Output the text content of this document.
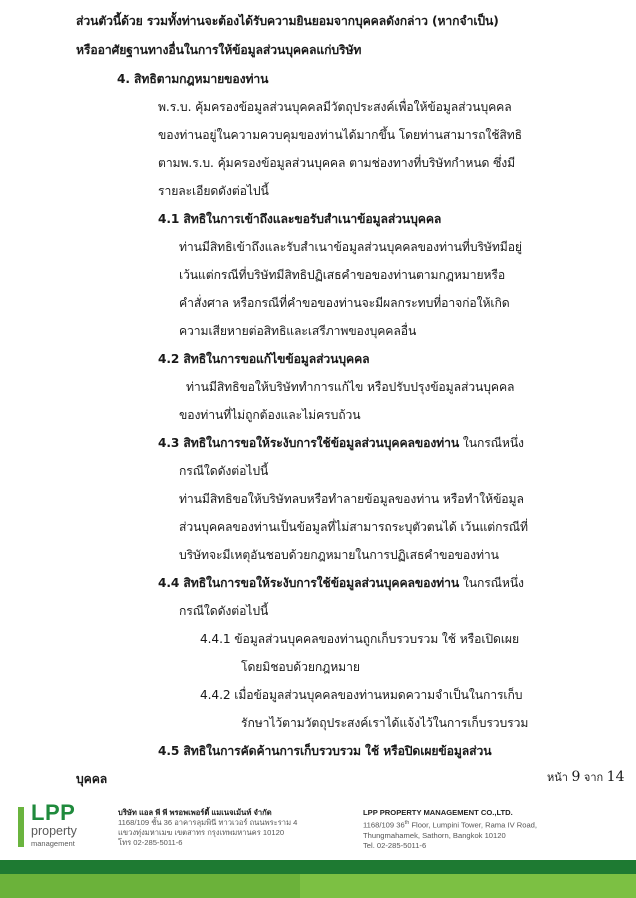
ส่วนตัวนี้ด้วย รวมทั้งท่านจะต้องได้รับความยินยอมจากบุคคลดังกล่าว (หากจำเป็น)
หรืออาศัยฐานทางอื่นในการให้ข้อมูลส่วนบุคคลแก่บริษัท
4. สิทธิตามกฎหมายของท่าน
พ.ร.บ. คุ้มครองข้อมูลส่วนบุคคลมีวัตถุประสงค์เพื่อให้ข้อมูลส่วนบุคคล
ของท่านอยู่ในความควบคุมของท่านได้มากขึ้น โดยท่านสามารถใช้สิทธิ
ตามพ.ร.บ. คุ้มครองข้อมูลส่วนบุคคล ตามช่องทางที่บริษัทกำหนด ซึ่งมี
รายละเอียดดังต่อไปนี้
4.1 สิทธิในการเข้าถึงและขอรับสำเนาข้อมูลส่วนบุคคล
ท่านมีสิทธิเข้าถึงและรับสำเนาข้อมูลส่วนบุคคลของท่านที่บริษัทมีอยู่
เว้นแต่กรณีที่บริษัทมีสิทธิปฏิเสธคำขอของท่านตามกฎหมายหรือ
คำสั่งศาล หรือกรณีที่คำขอของท่านจะมีผลกระทบที่อาจก่อให้เกิด
ความเสียหายต่อสิทธิและเสรีภาพของบุคคลอื่น
4.2 สิทธิในการขอแก้ไขข้อมูลส่วนบุคคล
ท่านมีสิทธิขอให้บริษัททำการแก้ไข หรือปรับปรุงข้อมูลส่วนบุคคล
ของท่านที่ไม่ถูกต้องและไม่ครบถ้วน
4.3 สิทธิในการขอให้ระงับการใช้ข้อมูลส่วนบุคคลของท่าน ในกรณีหนึ่ง
กรณีใดดังต่อไปนี้
ท่านมีสิทธิขอให้บริษัทลบหรือทำลายข้อมูลของท่าน หรือทำให้ข้อมูล
ส่วนบุคคลของท่านเป็นข้อมูลที่ไม่สามารถระบุตัวตนได้ เว้นแต่กรณีที่
บริษัทจะมีเหตุอันชอบด้วยกฎหมายในการปฏิเสธคำขอของท่าน
4.4 สิทธิในการขอให้ระงับการใช้ข้อมูลส่วนบุคคลของท่าน ในกรณีหนึ่ง
กรณีใดดังต่อไปนี้
4.4.1 ข้อมูลส่วนบุคคลของท่านถูกเก็บรวบรวม ใช้ หรือเปิดเผย
โดยมิชอบด้วยกฎหมาย
4.4.2 เมื่อข้อมูลส่วนบุคคลของท่านหมดความจำเป็นในการเก็บ
รักษาไว้ตามวัตถุประสงค์เราได้แจ้งไว้ในการเก็บรวบรวม
4.5 สิทธิในการคัดค้านการเก็บรวบรวม ใช้ หรือปิดเผยข้อมูลส่วน
บุคคล	หน้า 9 จาก 14
LPP
property
management
บริษัท แอล พี พี พรอพเพอร์ตี้ แมเนจเม้นท์ จำกัด
1168/109 ชั้น 36 อาคารลุมพินี ทาวเวอร์ ถนนพระราม 4
แขวงทุ่งมหาเมฆ เขตสาทร กรุงเทพมหานคร 10120
โทร 02-285-5011-6
LPP PROPERTY MANAGEMENT CO.,LTD.
1168/109 36th Floor, Lumpini Tower, Rama IV Road,
Thungmahamek, Sathorn, Bangkok 10120
Tel. 02-285-5011-6
